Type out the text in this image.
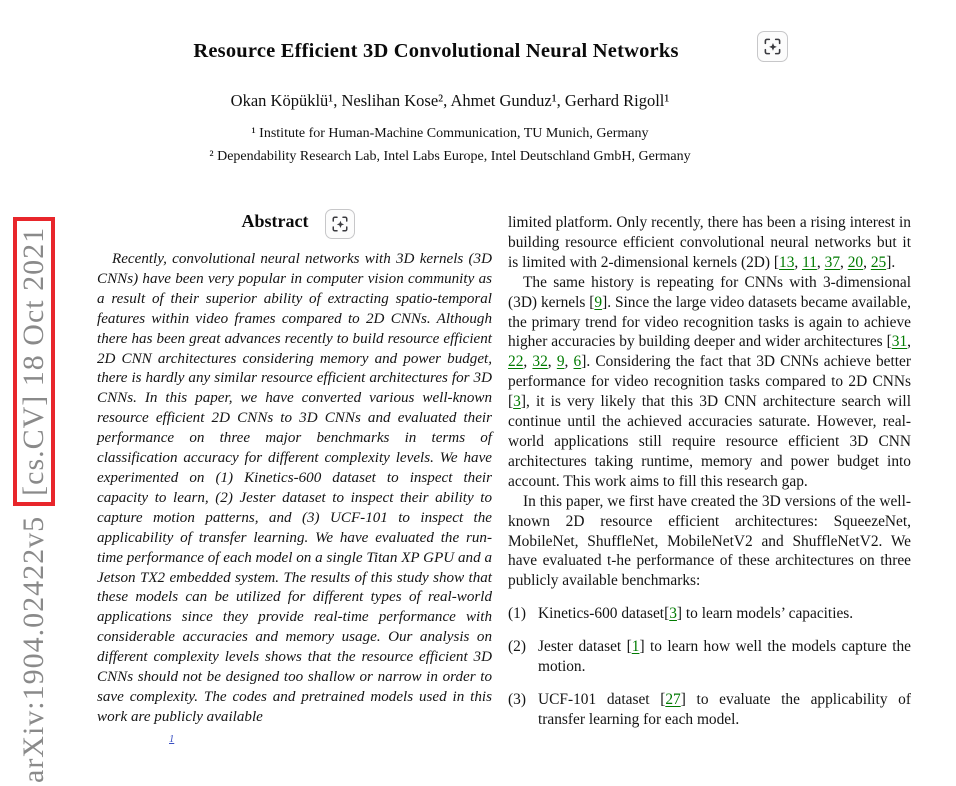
Resource Efficient 3D Convolutional Neural Networks
Okan Köpüklü¹, Neslihan Kose², Ahmet Gunduz¹, Gerhard Rigoll¹
¹ Institute for Human-Machine Communication, TU Munich, Germany
² Dependability Research Lab, Intel Labs Europe, Intel Deutschland GmbH, Germany
arXiv:1904.02422v5[cs.CV] 18 Oct 2021
Abstract

Recently, convolutional neural networks with 3D kernels (3D CNNs) have been very popular in computer vision community as a result of their superior ability of extracting spatio-temporal features within video frames compared to 2D CNNs. Although there has been great advances recently to build resource efficient 2D CNN architectures considering memory and power budget, there is hardly any similar resource efficient architectures for 3D CNNs. In this paper, we have converted various well-known resource efficient 2D CNNs to 3D CNNs and evaluated their performance on three major benchmarks in terms of classification accuracy for different complexity levels. We have experimented on (1) Kinetics-600 dataset to inspect their capacity to learn, (2) Jester dataset to inspect their ability to capture motion patterns, and (3) UCF-101 to inspect the applicability of transfer learning. We have evaluated the run-time performance of each model on a single Titan XP GPU and a Jetson TX2 embedded system. The results of this study show that these models can be utilized for different types of real-world applications since they provide real-time performance with considerable accuracies and memory usage. Our analysis on different complexity levels shows that the resource efficient 3D CNNs should not be designed too shallow or narrow in order to save complexity. The codes and pretrained models used in this work are publicly available

$^1$

limited platform. Only recently, there has been a rising interest in building resource efficient convolutional neural networks but it is limited with 2-dimensional kernels (2D) [13, 11, 37, 20, 25].

The same history is repeating for CNNs with 3-dimensional (3D) kernels [9]. Since the large video datasets became available, the primary trend for video recognition tasks is again to achieve higher accuracies by building deeper and wider architectures [31, 22, 32, 9, 6]. Considering the fact that 3D CNNs achieve better performance for video recognition tasks compared to 2D CNNs [3], it is very likely that this 3D CNN architecture search will continue until the achieved accuracies saturate. However, real-world applications still require resource efficient 3D CNN architectures taking runtime, memory and power budget into account. This work aims to fill this research gap.

In this paper, we first have created the 3D versions of the well-known 2D resource efficient architectures: SqueezeNet, MobileNet, ShuffleNet, MobileNetV2 and ShuffleNetV2. We have evaluated t-he performance of these architectures on three publicly available benchmarks:

(1) Kinetics-600 dataset[3] to learn models’ capacities.
(2) Jester dataset [1] to learn how well the models capture the motion.
(3) UCF-101 dataset [27] to evaluate the applicability of transfer learning for each model.
